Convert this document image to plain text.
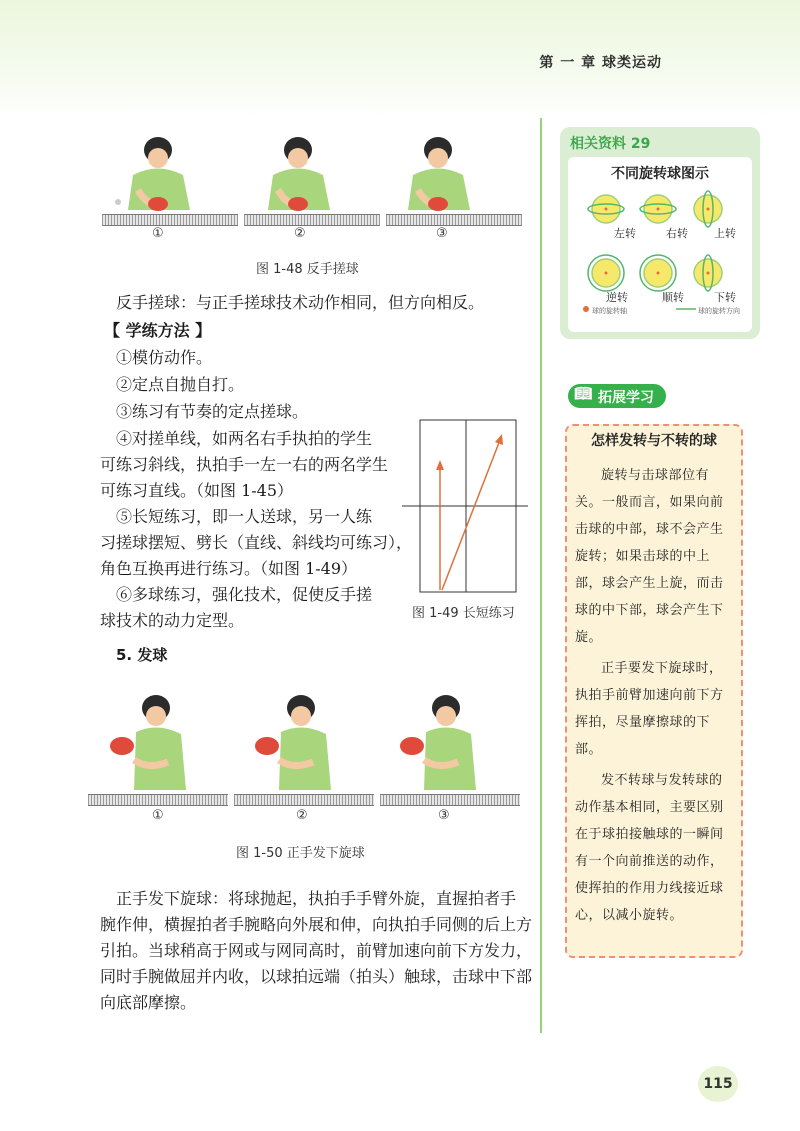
第 一 章 球类运动
①	②	③
图 1-48 反手搓球
反手搓球：与正手搓球技术动作相同，但方向相反。
【 学练方法 】
①模仿动作。
②定点自抛自打。
③练习有节奏的定点搓球。
④对搓单线，如两名右手执拍的学生
可练习斜线，执拍手一左一右的两名学生
可练习直线。（如图 1-45）
⑤长短练习，即一人送球，另一人练
习搓球摆短、劈长（直线、斜线均可练习），
角色互换再进行练习。（如图 1-49）
⑥多球练习，强化技术，促使反手搓
球技术的动力定型。	图 1-49 长短练习
5. 发球
①	②	③
图 1-50 正手发下旋球
正手发下旋球：将球抛起，执拍手手臂外旋，直握拍者手
腕作伸，横握拍者手腕略向外展和伸，向执拍手同侧的后上方
引拍。当球稍高于网或与网同高时，前臂加速向前下方发力，
同时手腕做屈并内收，以球拍远端（拍头）触球，击球中下部
向底部摩擦。
相关资料 29
不同旋转球图示
左转	右转 上转
逆转	顺转	下转
球的旋转轴	球的旋转方向
📖︎ 拓展学习
怎样发转与不转的球

旋转与击球部位有关。一般而言，如果向前击球的中部，球不会产生旋转；如果击球的中上部，球会产生上旋，而击球的中下部，球会产生下旋。

正手要发下旋球时，执拍手前臂加速向前下方挥拍，尽量摩擦球的下部。

发不转球与发转球的动作基本相同，主要区别在于球拍接触球的一瞬间有一个向前推送的动作，使挥拍的作用力线接近球心，以减小旋转。

115
